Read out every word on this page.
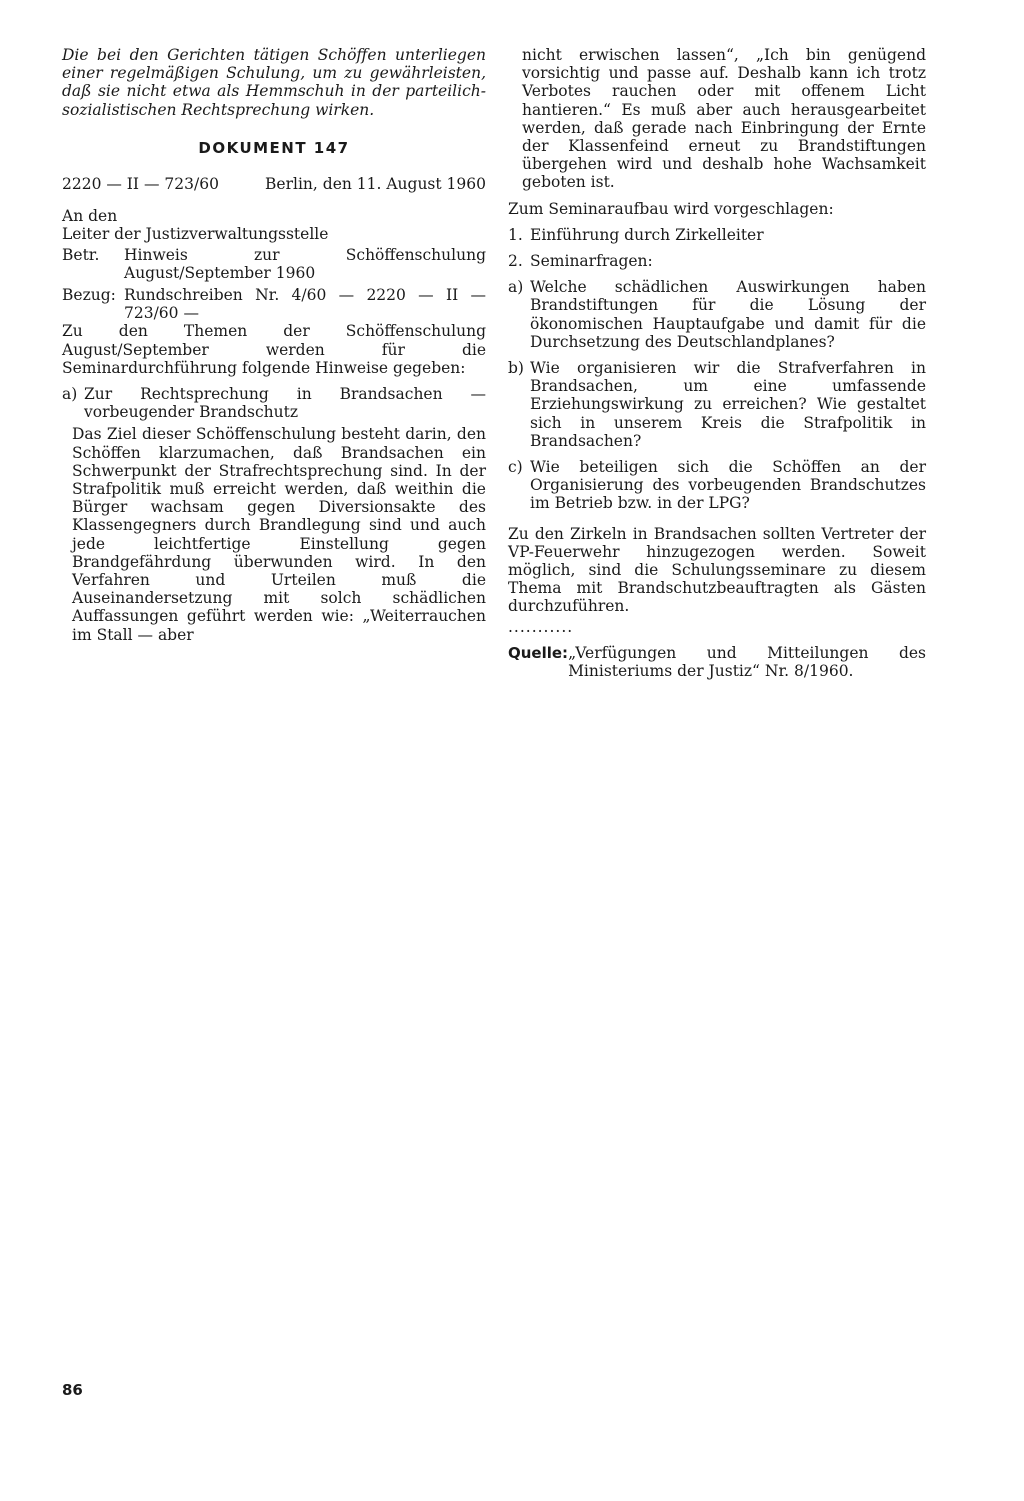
Die bei den Gerichten tätigen Schöffen unterliegen einer regelmäßigen Schulung, um zu gewährleisten, daß sie nicht etwa als Hemmschuh in der parteilich-sozialistischen Rechtsprechung wirken.

DOKUMENT 147
2220 — II — 723/60	Berlin, den 11. August 1960
An den
Leiter der Justizverwaltungsstelle
Betr.	Hinweis zur Schöffenschulung August/September 1960
Bezug: Rundschreiben Nr. 4/60 — 2220 — II — 723/60 —

Zu den Themen der Schöffenschulung August/September werden für die Seminardurchführung folgende Hinweise gegeben:

a) Zur Rechtsprechung in Brandsachen — vorbeugender Brandschutz

Das Ziel dieser Schöffenschulung besteht darin, den Schöffen klarzumachen, daß Brandsachen ein Schwerpunkt der Strafrechtsprechung sind. In der Strafpolitik muß erreicht werden, daß weithin die Bürger wachsam gegen Diversionsakte des Klassengegners durch Brandlegung sind und auch jede leichtfertige Einstellung gegen Brandgefährdung überwunden wird. In den Verfahren und Urteilen muß die Auseinandersetzung mit solch schädlichen Auffassungen geführt werden wie: „Weiterrauchen im Stall — aber

nicht erwischen lassen“, „Ich bin genügend vorsichtig und passe auf. Deshalb kann ich trotz Verbotes rauchen oder mit offenem Licht hantieren.“ Es muß aber auch herausgearbeitet werden, daß gerade nach Einbringung der Ernte der Klassenfeind erneut zu Brandstiftungen übergehen wird und deshalb hohe Wachsamkeit geboten ist.

Zum Seminaraufbau wird vorgeschlagen:
1. Einführung durch Zirkelleiter
2. Seminarfragen:
a) Welche schädlichen Auswirkungen haben Brandstiftungen für die Lösung der ökonomischen Hauptaufgabe und damit für die Durchsetzung des Deutschlandplanes?
b) Wie organisieren wir die Strafverfahren in Brandsachen, um eine umfassende Erziehungswirkung zu erreichen? Wie gestaltet sich in unserem Kreis die Strafpolitik in Brandsachen?
c) Wie beteiligen sich die Schöffen an der Organisierung des vorbeugenden Brandschutzes im Betrieb bzw. in der LPG?

Zu den Zirkeln in Brandsachen sollten Vertreter der VP-Feuerwehr hinzugezogen werden. Soweit möglich, sind die Schulungsseminare zu diesem Thema mit Brandschutzbeauftragten als Gästen durchzuführen.

...........
Quelle: „Verfügungen und Mitteilungen des Ministeriums der Justiz“ Nr. 8/1960.
86
